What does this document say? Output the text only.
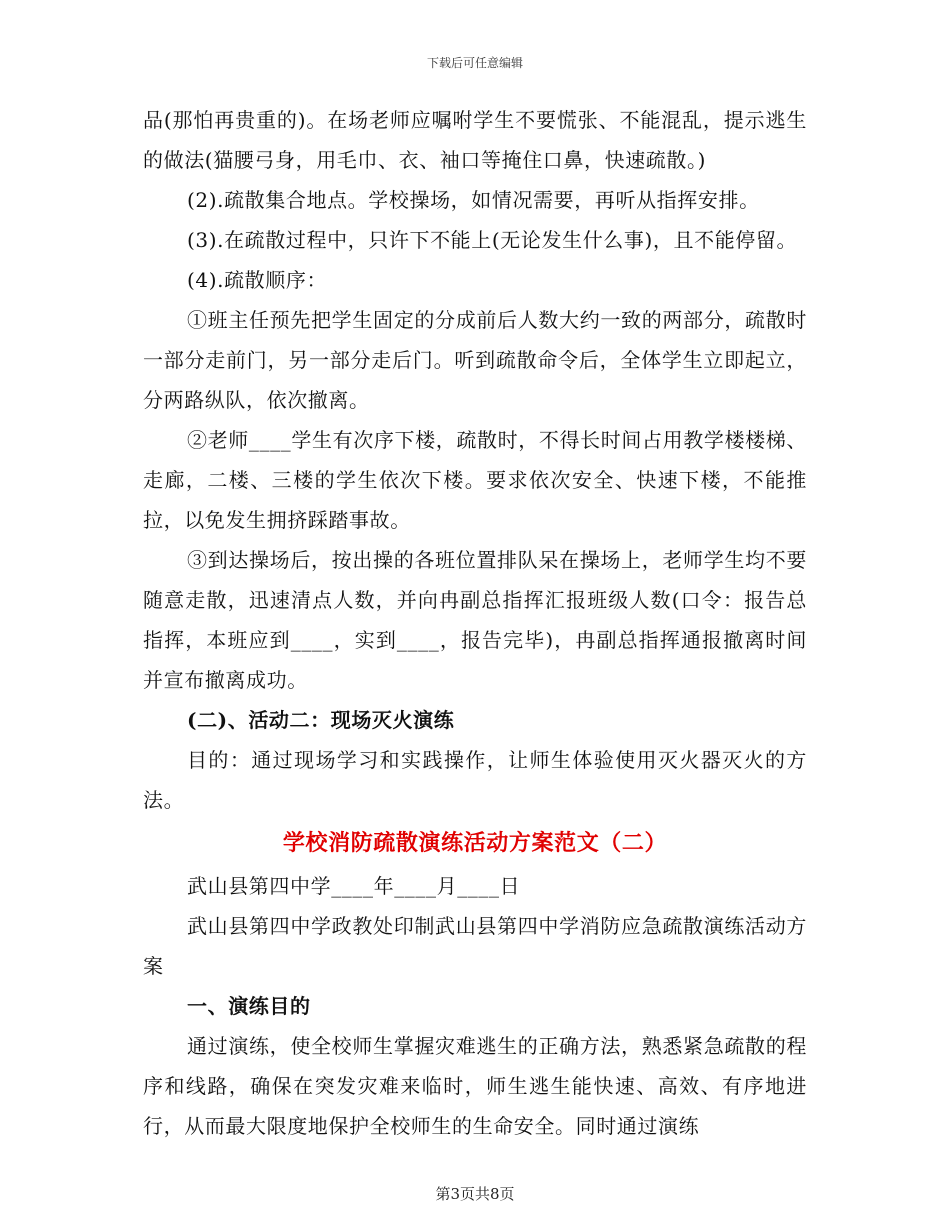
下载后可任意编辑

品(那怕再贵重的)。在场老师应嘱咐学生不要慌张、不能混乱，提示逃生的做法(猫腰弓身，用毛巾、衣、袖口等掩住口鼻，快速疏散。)

(2).疏散集合地点。学校操场，如情况需要，再听从指挥安排。

(3).在疏散过程中，只许下不能上(无论发生什么事)，且不能停留。

(4).疏散顺序：

①班主任预先把学生固定的分成前后人数大约一致的两部分，疏散时一部分走前门，另一部分走后门。听到疏散命令后，全体学生立即起立，分两路纵队，依次撤离。

②老师____学生有次序下楼，疏散时，不得长时间占用教学楼楼梯、走廊，二楼、三楼的学生依次下楼。要求依次安全、快速下楼，不能推拉，以免发生拥挤踩踏事故。

③到达操场后，按出操的各班位置排队呆在操场上，老师学生均不要随意走散，迅速清点人数，并向冉副总指挥汇报班级人数(口令：报告总指挥，本班应到____，实到____，报告完毕)，冉副总指挥通报撤离时间并宣布撤离成功。

(二)、活动二：现场灭火演练

目的：通过现场学习和实践操作，让师生体验使用灭火器灭火的方法。

学校消防疏散演练活动方案范文（二）

武山县第四中学____年____月____日

武山县第四中学政教处印制武山县第四中学消防应急疏散演练活动方案

一、演练目的

通过演练，使全校师生掌握灾难逃生的正确方法，熟悉紧急疏散的程序和线路，确保在突发灾难来临时，师生逃生能快速、高效、有序地进行，从而最大限度地保护全校师生的生命安全。同时通过演练

第3页共8页
